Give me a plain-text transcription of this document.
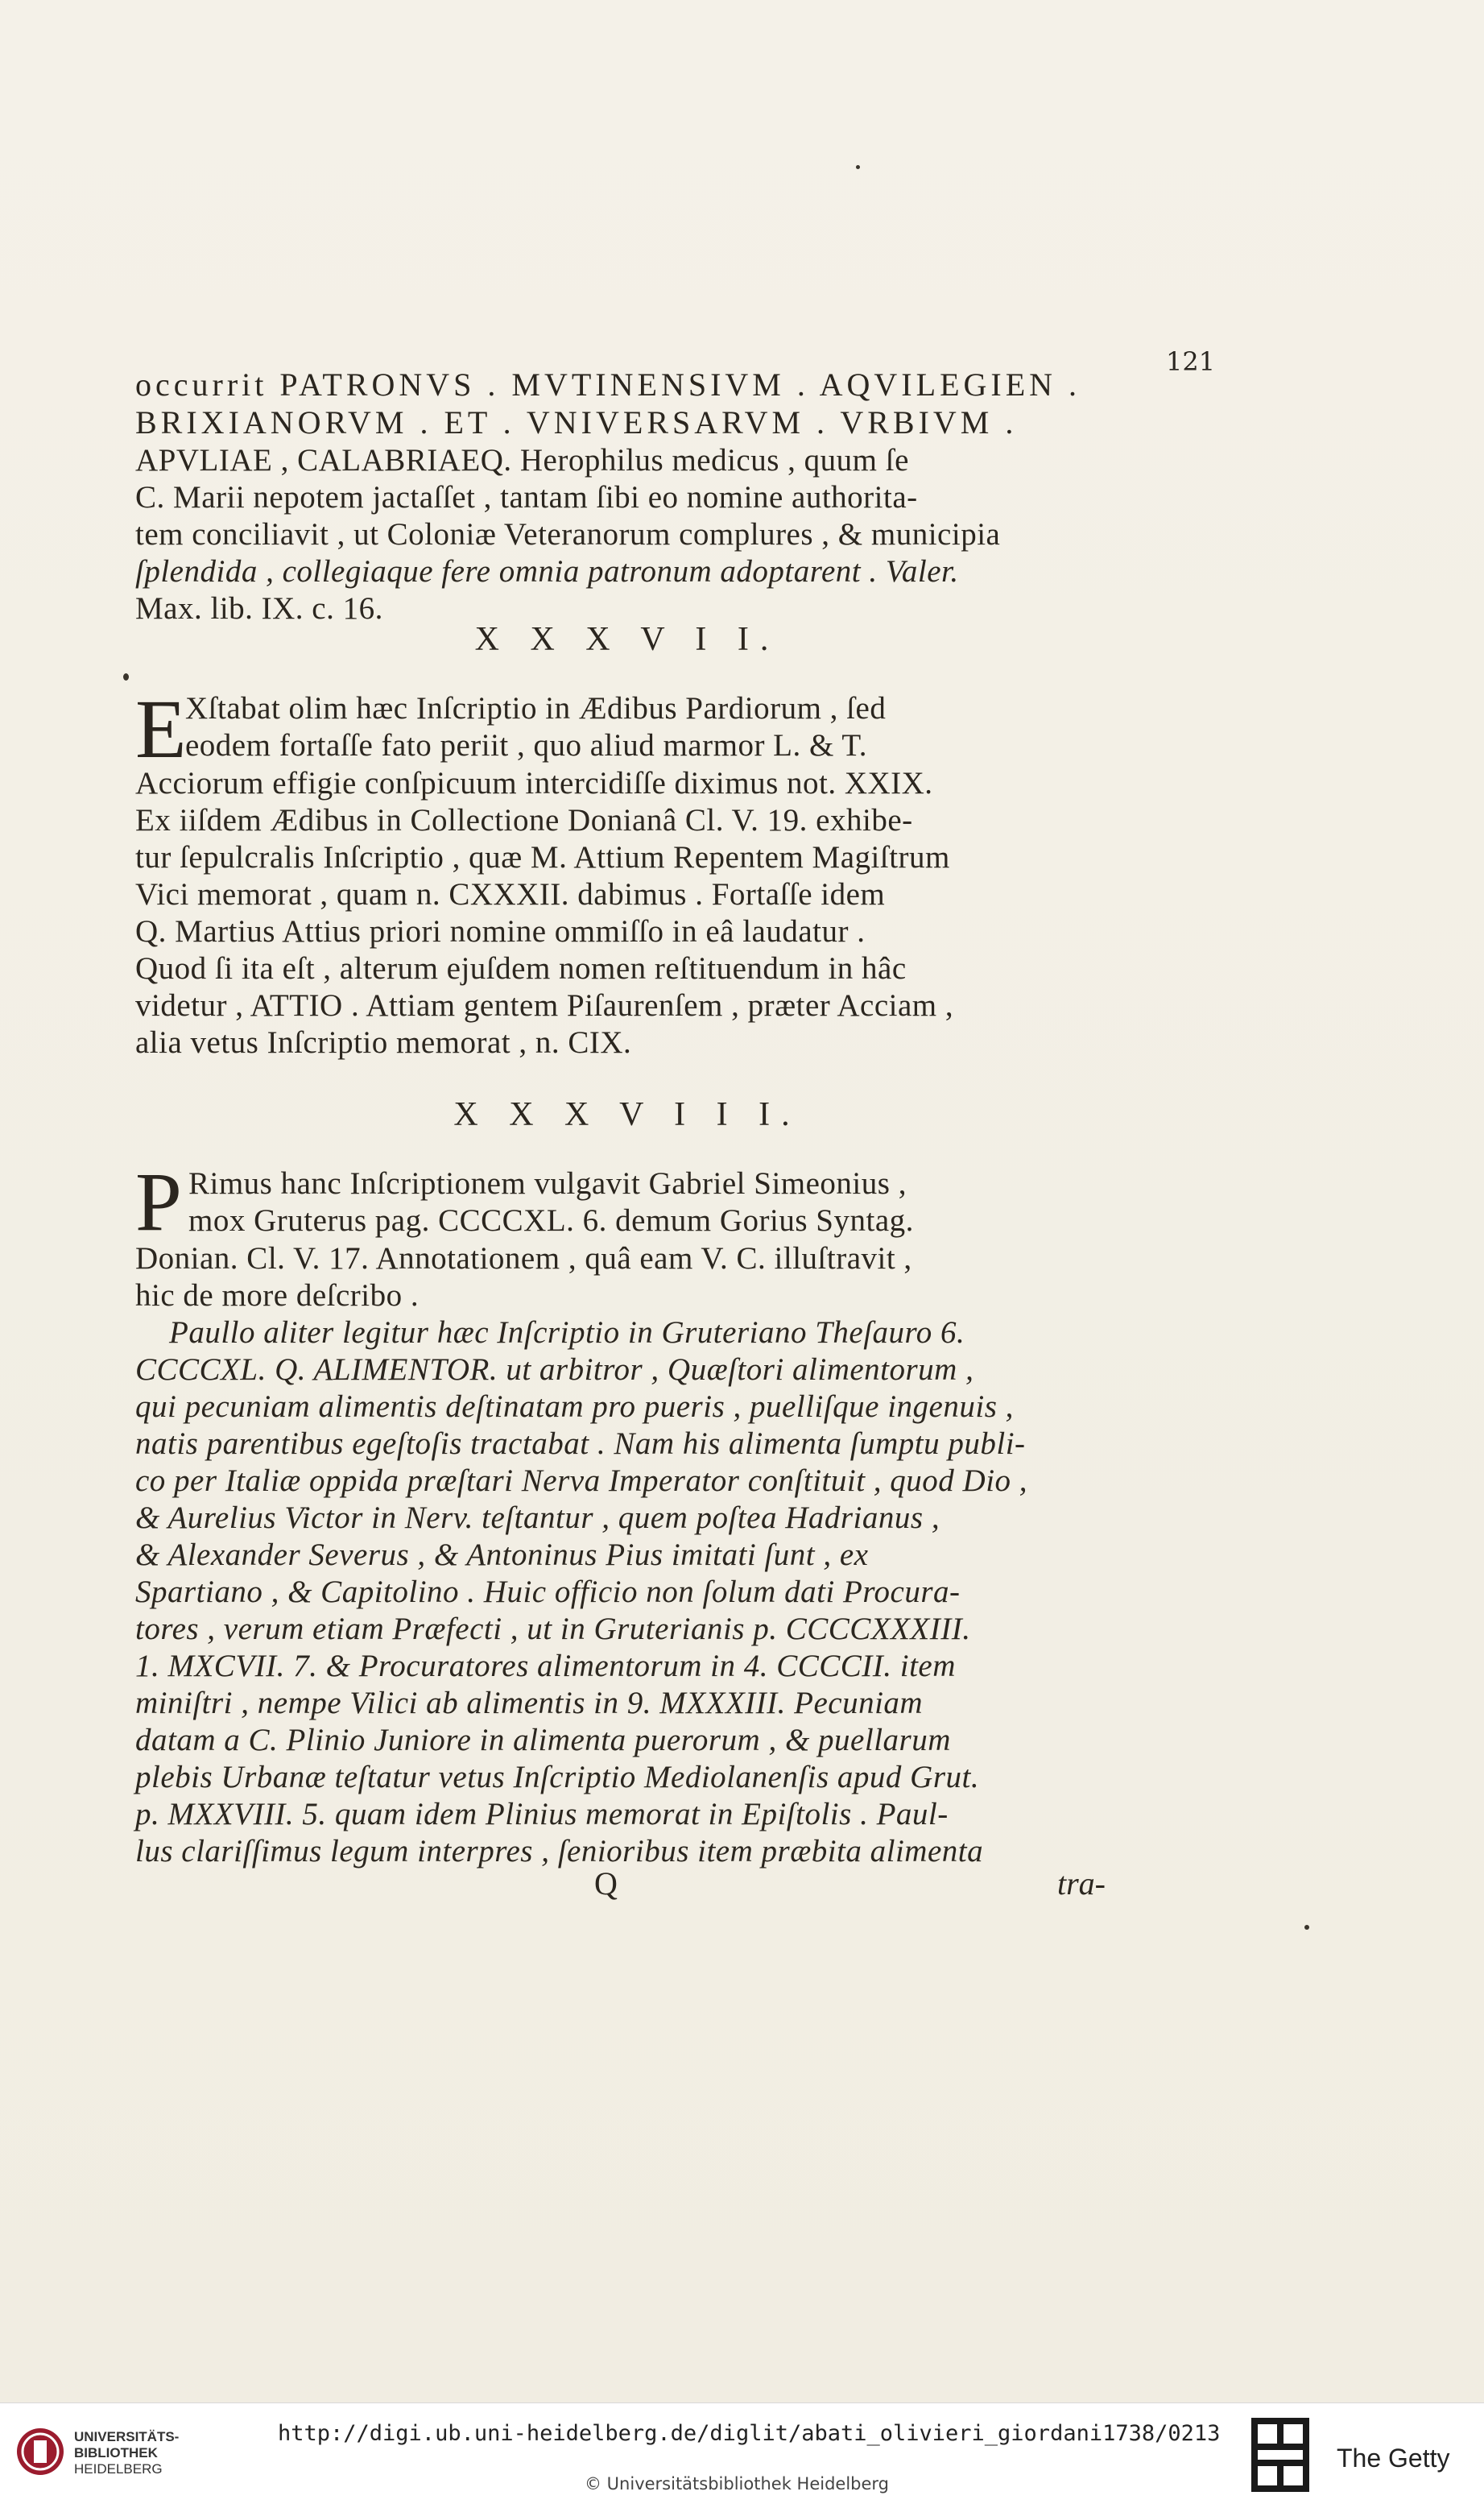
121
occurrit PATRONVS . MVTINENSIVM . AQVILEGIEN .
BRIXIANORVM . ET . VNIVERSARVM . VRBIVM .
APVLIAE , CALABRIAEQ. Herophilus medicus , quum ſe
C. Marii nepotem jactaſſet , tantam ſibi eo nomine authorita-
tem conciliavit , ut Coloniæ Veteranorum complures , & municipia
ſplendida , collegiaque fere omnia patronum adoptarent . Valer.
Max. lib. IX. c. 16.
X X X V I I.
E
Xſtabat olim hæc Inſcriptio in Ædibus Pardiorum , ſed
eodem fortaſſe fato periit , quo aliud marmor L. & T.
Acciorum effigie conſpicuum intercidiſſe diximus not. XXIX.
Ex iiſdem Ædibus in Collectione Donianâ Cl. V. 19. exhibe-
tur ſepulcralis Inſcriptio , quæ M. Attium Repentem Magiſtrum
Vici memorat , quam n. CXXXII. dabimus . Fortaſſe idem
Q. Martius Attius priori nomine ommiſſo in eâ laudatur .
Quod ſi ita eſt , alterum ejuſdem nomen reſtituendum in hâc
videtur , ATTIO . Attiam gentem Piſaurenſem , præter Acciam ,
alia vetus Inſcriptio memorat , n. CIX.
X X X V I I I.
P Rimus hanc Inſcriptionem vulgavit Gabriel Simeonius ,
mox Gruterus pag. CCCCXL. 6. demum Gorius Syntag.
Donian. Cl. V. 17. Annotationem , quâ eam V. C. illuſtravit ,
hic de more deſcribo .
Paullo aliter legitur hæc Inſcriptio in Gruteriano Theſauro 6.
CCCCXL. Q. ALIMENTOR. ut arbitror , Quæſtori alimentorum ,
qui pecuniam alimentis deſtinatam pro pueris , puelliſque ingenuis ,
natis parentibus egeſtoſis tractabat . Nam his alimenta ſumptu publi-
co per Italiæ oppida præſtari Nerva Imperator conſtituit , quod Dio ,
& Aurelius Victor in Nerv. teſtantur , quem poſtea Hadrianus ,
& Alexander Severus , & Antoninus Pius imitati ſunt , ex
Spartiano , & Capitolino . Huic officio non ſolum dati Procura-
tores , verum etiam Præfecti , ut in Gruterianis p. CCCCXXXIII.
1. MXCVII. 7. & Procuratores alimentorum in 4. CCCCII. item
miniſtri , nempe Vilici ab alimentis in 9. MXXXIII. Pecuniam
datam a C. Plinio Juniore in alimenta puerorum , & puellarum
plebis Urbanæ teſtatur vetus Inſcriptio Mediolanenſis apud Grut.
p. MXXVIII. 5. quam idem Plinius memorat in Epiſtolis . Paul-
lus clariſſimus legum interpres , ſenioribus item præbita alimenta
Q	tra-
UNIVERSITÄTS-
BIBLIOTHEK
HEIDELBERG
http://digi.ub.uni-heidelberg.de/diglit/abati_olivieri_giordani1738/0213
© Universitätsbibliothek Heidelberg
The Getty
